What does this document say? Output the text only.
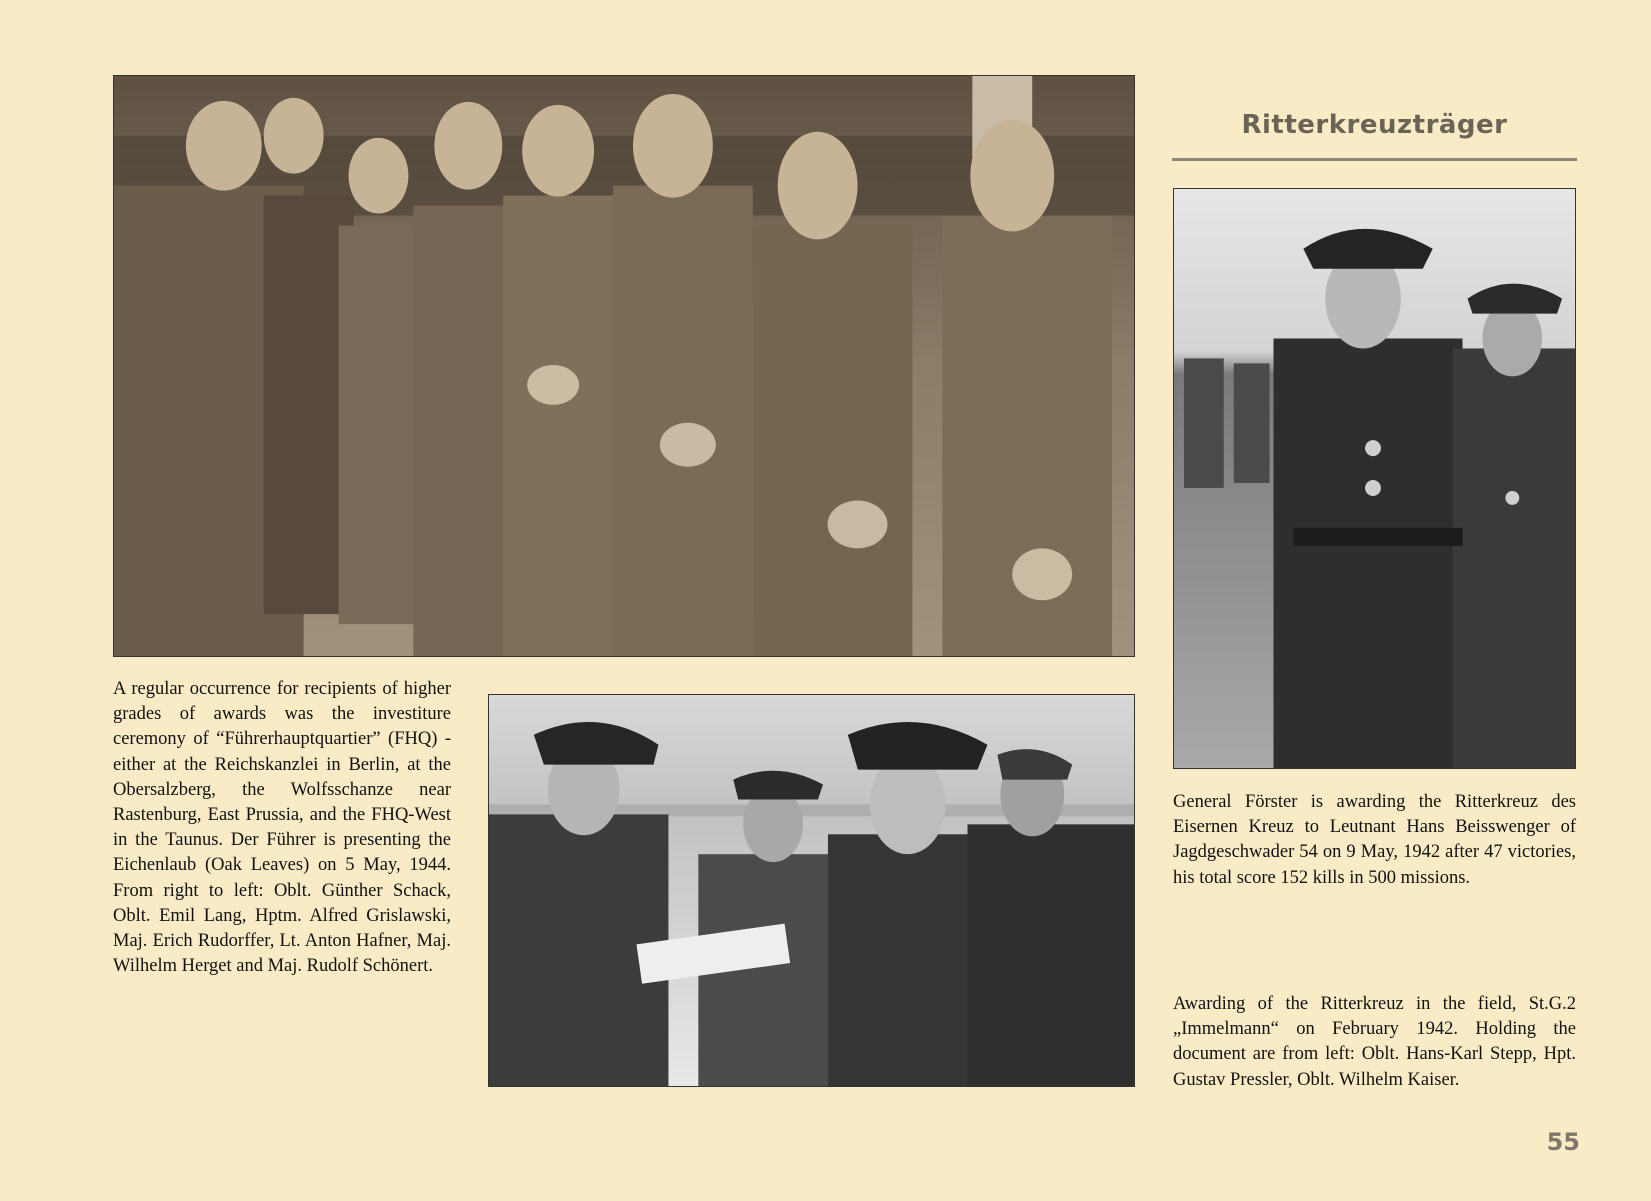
Ritterkreuzträger

A regular occurrence for recipients of higher grades of awards was the investiture ceremony of “Führerhauptquartier” (FHQ) - either at the Reichskanzlei in Berlin, at the Obersalzberg, the Wolfsschanze near Rastenburg, East Prussia, and the FHQ-West in the Taunus. Der Führer is presenting the Eichenlaub (Oak Leaves) on 5 May, 1944. From right to left: Oblt. Günther Schack, Oblt. Emil Lang, Hptm. Alfred Grislawski, Maj. Erich Rudorffer, Lt. Anton Hafner, Maj. Wilhelm Herget and Maj. Rudolf Schönert.

General Förster is awarding the Ritterkreuz des Eisernen Kreuz to Leutnant Hans Beisswenger of Jagdgeschwader 54 on 9 May, 1942 after 47 victories, his total score 152 kills in 500 missions.

Awarding of the Ritterkreuz in the field, St.G.2 „Immelmann“ on February 1942. Holding the document are from left: Oblt. Hans-Karl Stepp, Hpt. Gustav Pressler, Oblt. Wilhelm Kaiser.

55
